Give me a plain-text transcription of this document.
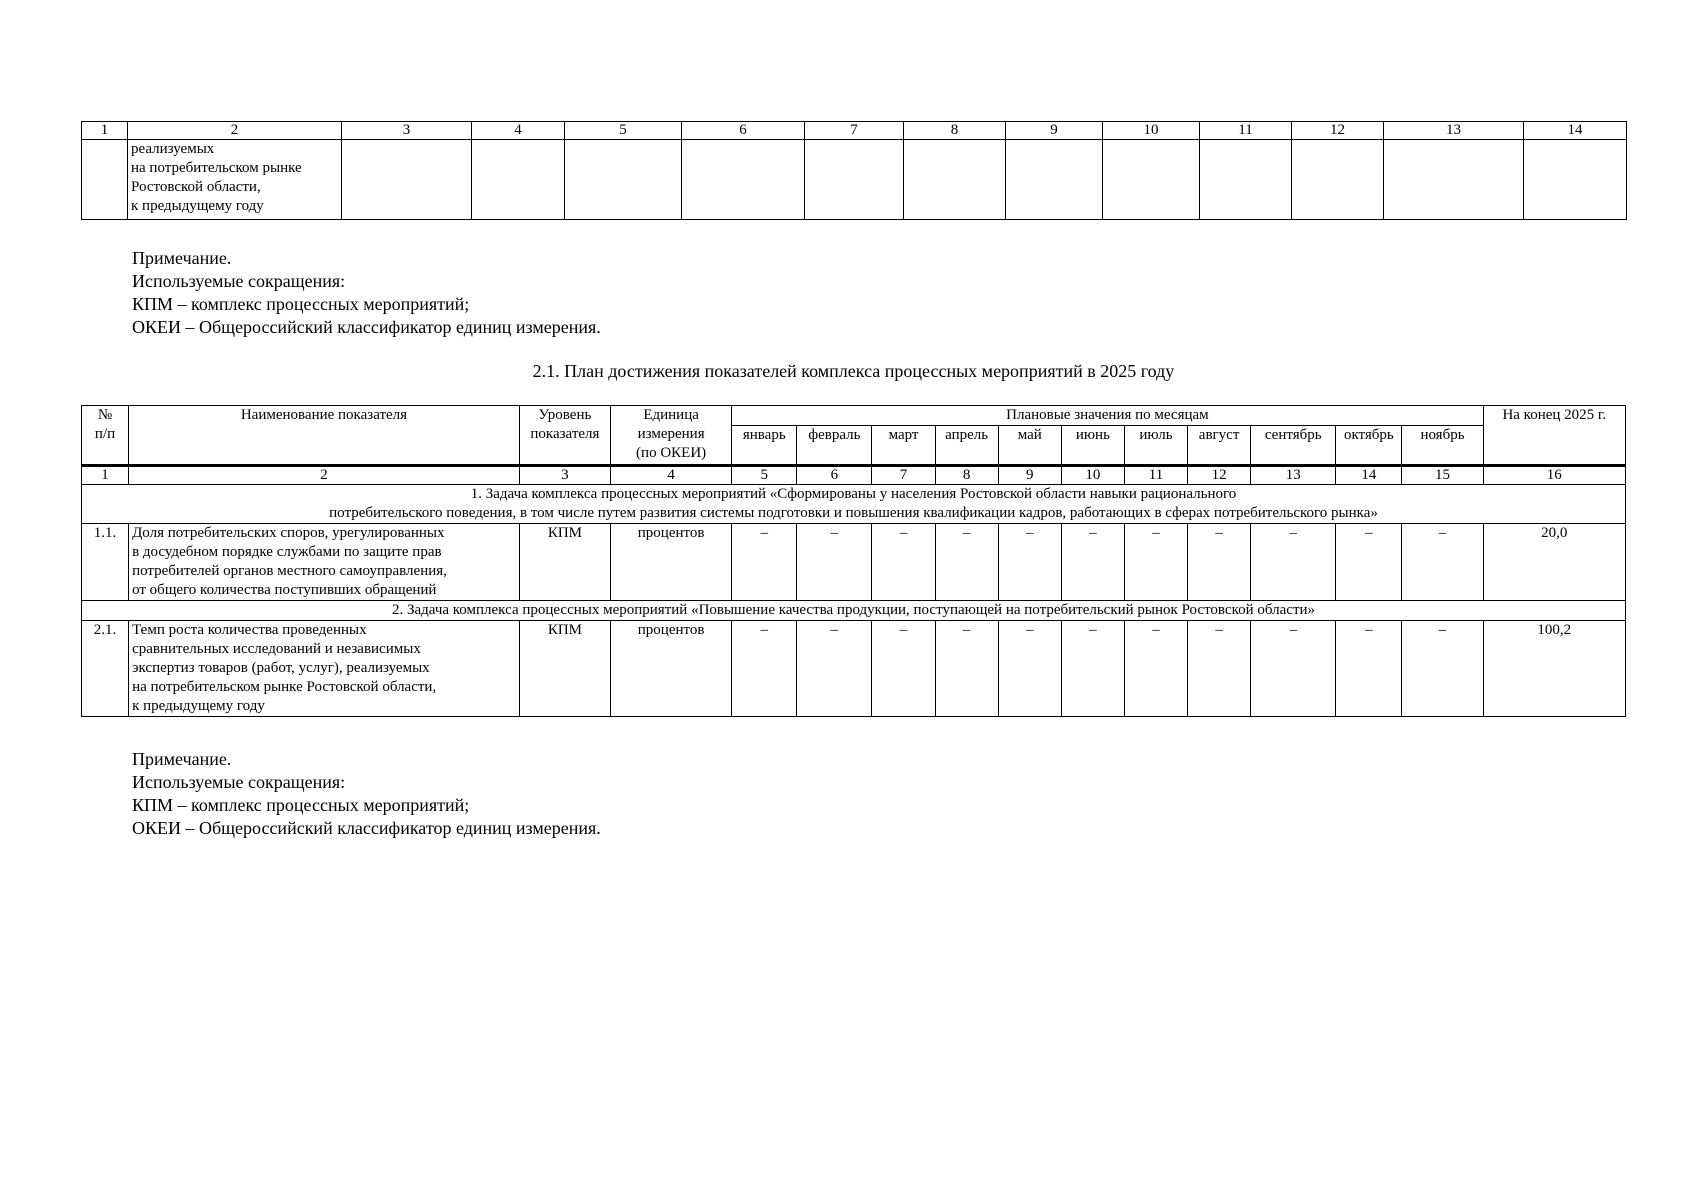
1	2	3	4	5	6	7	8	9	10	11	12	13	14
	реализуемых
на потребительском рынке
Ростовской области,
к предыдущему году												
Примечание.
Используемые сокращения:
КПМ – комплекс процессных мероприятий;
ОКЕИ – Общероссийский классификатор единиц измерения.
2.1. План достижения показателей комплекса процессных мероприятий в 2025 году
№
п/п	Наименование показателя	Уровень
показателя	Единица
измерения
(по ОКЕИ)	Плановые значения по месяцам											На конец 2025 г.
				январь	февраль	март	апрель	май	июнь	июль	август	сентябрь	октябрь	ноябрь	
1	2	3	4	5	6	7	8	9	10	11	12	13	14	15	16
1. Задача комплекса процессных мероприятий «Сформированы у населения Ростовской области навыки рационального
потребительского поведения, в том числе путем развития системы подготовки и повышения квалификации кадров, работающих в сферах потребительского рынка»															
1.1.	Доля потребительских споров, урегулированных
в досудебном порядке службами по защите прав
потребителей органов местного самоуправления,
от общего количества поступивших обращений	КПМ	процентов	–	–	–	–	–	–	–	–	–	–	–	20,0
2. Задача комплекса процессных мероприятий «Повышение качества продукции, поступающей на потребительский рынок Ростовской области»															
2.1.	Темп роста количества проведенных
сравнительных исследований и независимых
экспертиз товаров (работ, услуг), реализуемых
на потребительском рынке Ростовской области,
к предыдущему году	КПМ	процентов	–	–	–	–	–	–	–	–	–	–	–	100,2
Примечание.
Используемые сокращения:
КПМ – комплекс процессных мероприятий;
ОКЕИ – Общероссийский классификатор единиц измерения.
